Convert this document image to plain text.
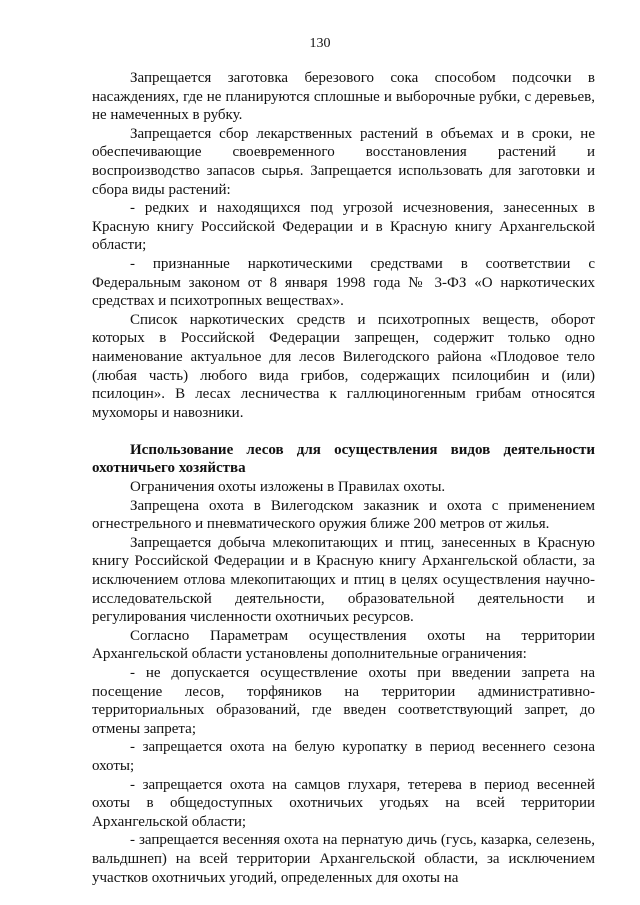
130

Запрещается заготовка березового сока способом подсочки в насаждениях, где не планируются сплошные и выборочные рубки, с деревьев, не намеченных в рубку.

Запрещается сбор лекарственных растений в объемах и в сроки, не обеспечивающие своевременного восстановления растений и воспроизводство запасов сырья. Запрещается использовать для заготовки и сбора виды растений:

- редких и находящихся под угрозой исчезновения, занесенных в Красную книгу Российской Федерации и в Красную книгу Архангельской области;

- признанные наркотическими средствами в соответствии с Федеральным законом от 8 января 1998 года № 3-ФЗ «О наркотических средствах и психотропных веществах».

Список наркотических средств и психотропных веществ, оборот которых в Российской Федерации запрещен, содержит только одно наименование актуальное для лесов Вилегодского района «Плодовое тело (любая часть) любого вида грибов, содержащих псилоцибин и (или) псилоцин». В лесах лесничества к галлюциногенным грибам относятся мухоморы и навозники.

Использование лесов для осуществления видов деятельности охотничьего хозяйства

Ограничения охоты изложены в Правилах охоты.

Запрещена охота в Вилегодском заказник и охота с применением огнестрельного и пневматического оружия ближе 200 метров от жилья.

Запрещается добыча млекопитающих и птиц, занесенных в Красную книгу Российской Федерации и в Красную книгу Архангельской области, за исключением отлова млекопитающих и птиц в целях осуществления научно-исследовательской деятельности, образовательной деятельности и регулирования численности охотничьих ресурсов.

Согласно Параметрам осуществления охоты на территории Архангельской области установлены дополнительные ограничения:

- не допускается осуществление охоты при введении запрета на посещение лесов, торфяников на территории административно-территориальных образований, где введен соответствующий запрет, до отмены запрета;

- запрещается охота на белую куропатку в период весеннего сезона охоты;

- запрещается охота на самцов глухаря, тетерева в период весенней охоты в общедоступных охотничьих угодьях на всей территории Архангельской области;

- запрещается весенняя охота на пернатую дичь (гусь, казарка, селезень, вальдшнеп) на всей территории Архангельской области, за исключением участков охотничьих угодий, определенных для охоты на
